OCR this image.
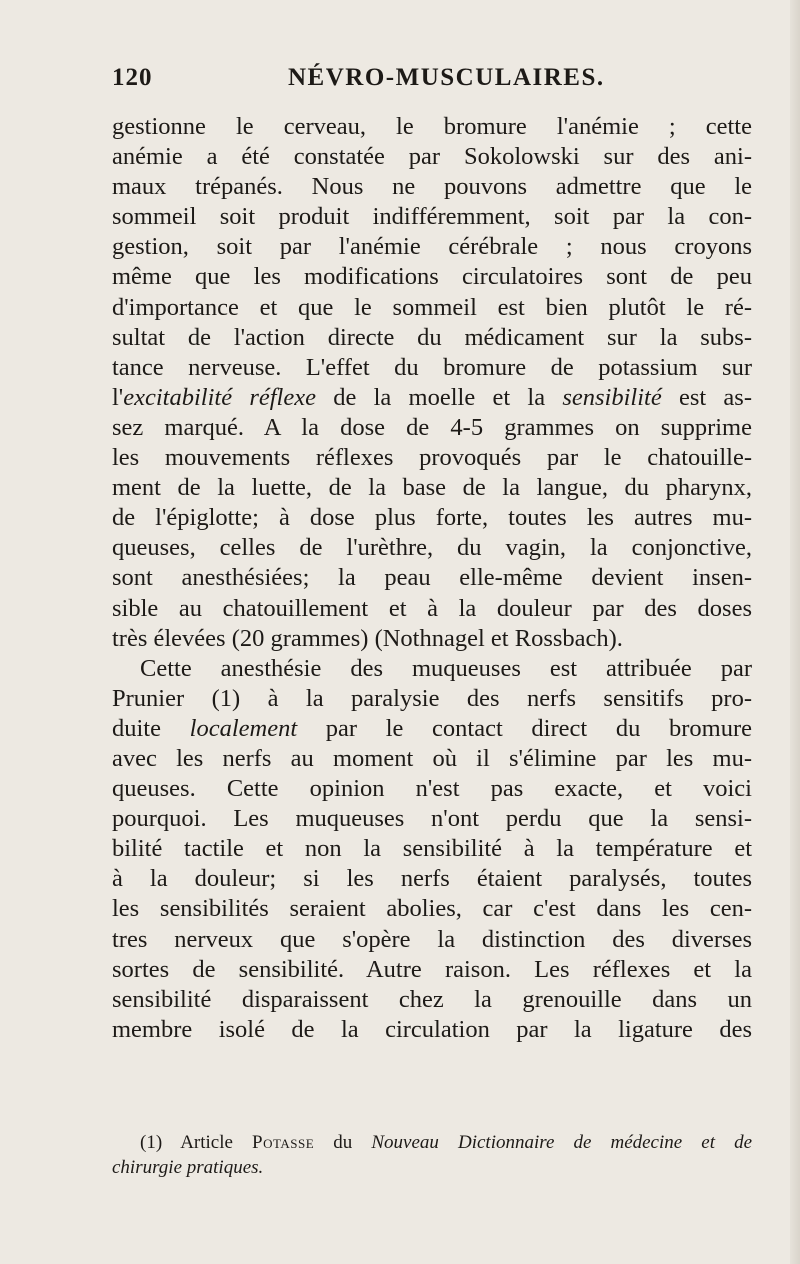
120	NÉVRO-MUSCULAIRES.
gestionne le cerveau, le bromure l'anémie ; cette
anémie a été constatée par Sokolowski sur des ani-
maux trépanés. Nous ne pouvons admettre que le
sommeil soit produit indifféremment, soit par la con-
gestion, soit par l'anémie cérébrale ; nous croyons
même que les modifications circulatoires sont de peu
d'importance et que le sommeil est bien plutôt le ré-
sultat de l'action directe du médicament sur la subs-
tance nerveuse. L'effet du bromure de potassium sur
l'excitabilité réflexe de la moelle et la sensibilité est as-
sez marqué. A la dose de 4-5 grammes on supprime
les mouvements réflexes provoqués par le chatouille-
ment de la luette, de la base de la langue, du pharynx,
de l'épiglotte; à dose plus forte, toutes les autres mu-
queuses, celles de l'urèthre, du vagin, la conjonctive,
sont anesthésiées; la peau elle-même devient insen-
sible au chatouillement et à la douleur par des doses
très élevées (20 grammes) (Nothnagel et Rossbach).
Cette anesthésie des muqueuses est attribuée par
Prunier (1) à la paralysie des nerfs sensitifs pro-
duite localement par le contact direct du bromure
avec les nerfs au moment où il s'élimine par les mu-
queuses. Cette opinion n'est pas exacte, et voici
pourquoi. Les muqueuses n'ont perdu que la sensi-
bilité tactile et non la sensibilité à la température et
à la douleur; si les nerfs étaient paralysés, toutes
les sensibilités seraient abolies, car c'est dans les cen-
tres nerveux que s'opère la distinction des diverses
sortes de sensibilité. Autre raison. Les réflexes et la
sensibilité disparaissent chez la grenouille dans un
membre isolé de la circulation par la ligature des
(1) Article Potasse du Nouveau Dictionnaire de médecine et de
chirurgie pratiques.
